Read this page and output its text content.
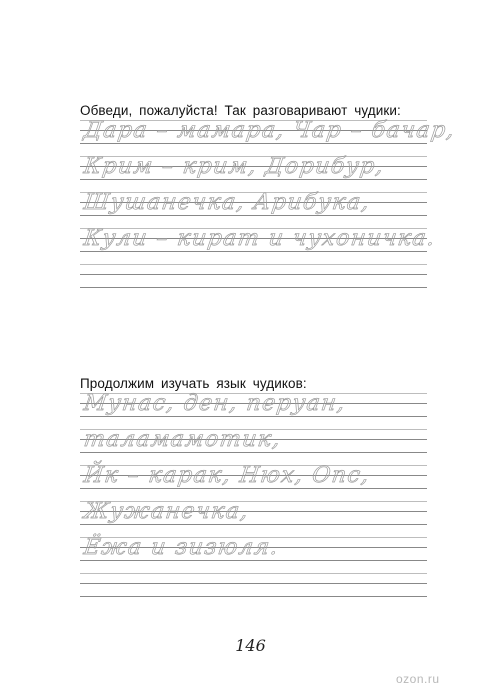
Обведи, пожалуйста! Так разговаривают чудики:
Дара – мамара, Чар – бачар,
Крим – крим, Дорибур,
Шушанечка, Арибука,
Кули – кират и чухоничка.
Продолжим изучать язык чудиков:
Мунас, ден, перуан,
таламамотик,
Йк – карак, Нюх, Опс,
Жужанечка,
Ёжа и зизюля.
146
ozon.ru
